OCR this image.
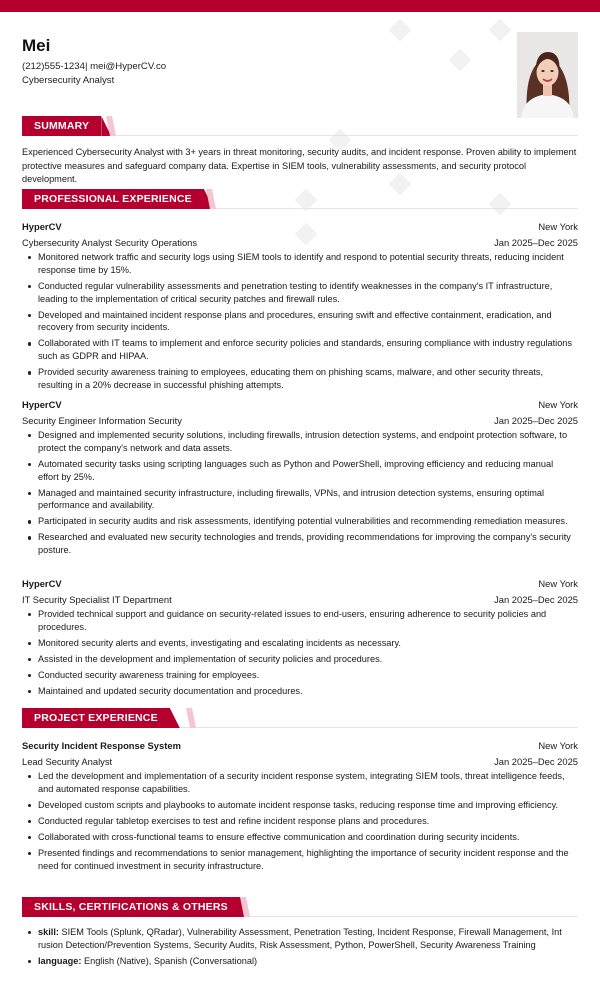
Mei
(212)555-1234| mei@HyperCV.co
Cybersecurity Analyst
SUMMARY
Experienced Cybersecurity Analyst with 3+ years in threat monitoring, security audits, and incident response. Proven ability to implement protective measures and safeguard company data. Expertise in SIEM tools, vulnerability assessments, and security protocol development.
PROFESSIONAL EXPERIENCE
HyperCV	New York
Cybersecurity Analyst Security Operations	Jan 2025–Dec 2025
Monitored network traffic and security logs using SIEM tools to identify and respond to potential security threats, reducing incident response time by 15%.
Conducted regular vulnerability assessments and penetration testing to identify weaknesses in the company's IT infrastructure, leading to the implementation of critical security patches and firewall rules.
Developed and maintained incident response plans and procedures, ensuring swift and effective containment, eradication, and recovery from security incidents.
Collaborated with IT teams to implement and enforce security policies and standards, ensuring compliance with industry regulations such as GDPR and HIPAA.
Provided security awareness training to employees, educating them on phishing scams, malware, and other security threats, resulting in a 20% decrease in successful phishing attempts.
HyperCV	New York
Security Engineer Information Security	Jan 2025–Dec 2025
Designed and implemented security solutions, including firewalls, intrusion detection systems, and endpoint protection software, to protect the company's network and data assets.
Automated security tasks using scripting languages such as Python and PowerShell, improving efficiency and reducing manual effort by 25%.
Managed and maintained security infrastructure, including firewalls, VPNs, and intrusion detection systems, ensuring optimal performance and availability.
Participated in security audits and risk assessments, identifying potential vulnerabilities and recommending remediation measures.
Researched and evaluated new security technologies and trends, providing recommendations for improving the company's security posture.
HyperCV	New York
IT Security Specialist IT Department	Jan 2025–Dec 2025
Provided technical support and guidance on security-related issues to end-users, ensuring adherence to security policies and procedures.
Monitored security alerts and events, investigating and escalating incidents as necessary.
Assisted in the development and implementation of security policies and procedures.
Conducted security awareness training for employees.
Maintained and updated security documentation and procedures.
PROJECT EXPERIENCE
Security Incident Response System	New York
Lead Security Analyst	Jan 2025–Dec 2025
Led the development and implementation of a security incident response system, integrating SIEM tools, threat intelligence feeds, and automated response capabilities.
Developed custom scripts and playbooks to automate incident response tasks, reducing response time and improving efficiency.
Conducted regular tabletop exercises to test and refine incident response plans and procedures.
Collaborated with cross-functional teams to ensure effective communication and coordination during security incidents.
Presented findings and recommendations to senior management, highlighting the importance of security incident response and the need for continued investment in security infrastructure.
SKILLS, CERTIFICATIONS & OTHERS
skill: SIEM Tools (Splunk, QRadar), Vulnerability Assessment, Penetration Testing, Incident Response, Firewall Management, Int rusion Detection/Prevention Systems, Security Audits, Risk Assessment, Python, PowerShell, Security Awareness Training
language: English (Native), Spanish (Conversational)
